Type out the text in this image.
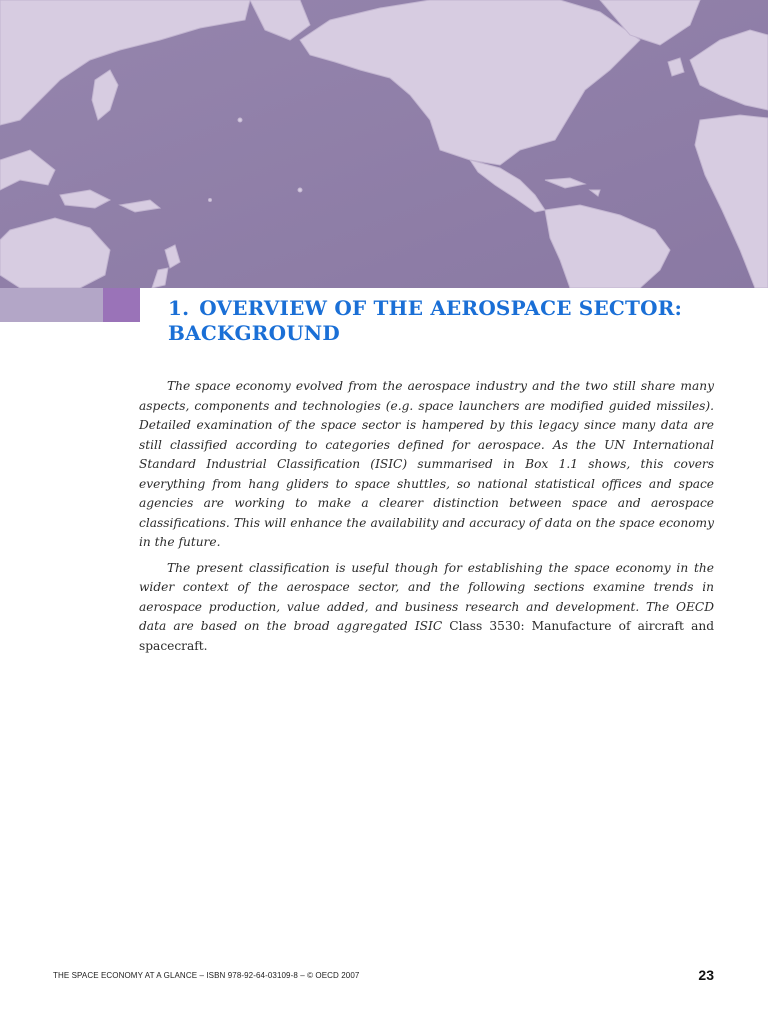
1. OVERVIEW OF THE AEROSPACE SECTOR:
BACKGROUND

The space economy evolved from the aerospace industry and the two still share many aspects, components and technologies (e.g. space launchers are modified guided missiles). Detailed examination of the space sector is hampered by this legacy since many data are still classified according to categories defined for aerospace. As the UN International Standard Industrial Classification (ISIC) summarised in Box 1.1 shows, this covers everything from hang gliders to space shuttles, so national statistical offices and space agencies are working to make a clearer distinction between space and aerospace classifications. This will enhance the availability and accuracy of data on the space economy in the future.

The present classification is useful though for establishing the space economy in the wider context of the aerospace sector, and the following sections examine trends in aerospace production, value added, and business research and development. The OECD data are based on the broad aggregated ISIC Class 3530: Manufacture of aircraft and spacecraft.

THE SPACE ECONOMY AT A GLANCE – ISBN 978-92-64-03109-8 – © OECD 2007	23
